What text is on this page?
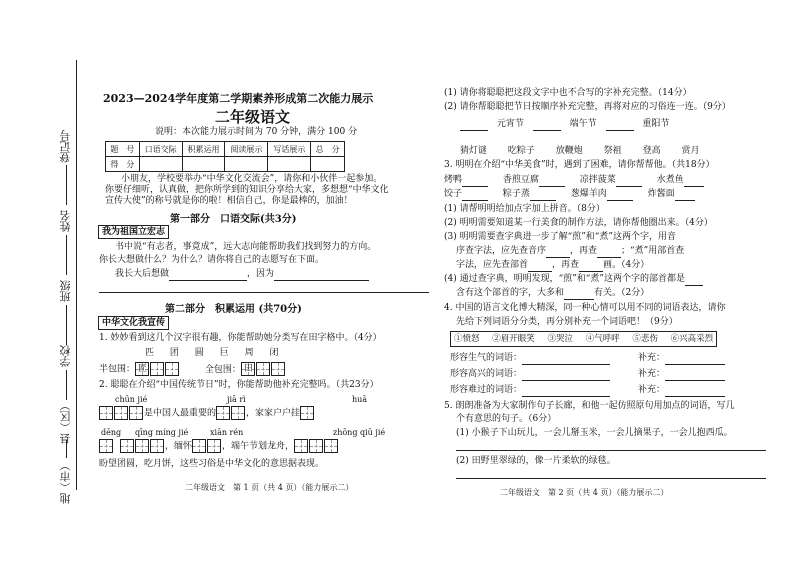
登记号
姓名
班级
学校
县（区）
地（市）
2023—2024学年度第二学期素养形成第二次能力展示
二年级语文
说明：本次能力展示时间为 70 分钟，满分 100 分
题　号	口语交际	积累运用	阅读展示	写话展示	总　分
得　分					
小朋友，学校要举办“中华文化交流会”，请你和小伙伴一起参加。
你要仔细听，认真做，把你所学到的知识分享给大家，多想想“中华文化
宣传大使”的称号就是你的啦！相信自己，你是最棒的，加油！
第一部分　口语交际(共3分)
我为祖国立宏志
书中说“有志者，事竟成”，远大志向能帮助我们找到努力的方向。
你长大想做什么？为什么？请你将自己的志愿写在下面。
我长大后想做	，因为
第二部分　积累运用 (共70分)
中华文化我宣传
1. 妙妙看到这几个汉字很有趣，你能帮助她分类写在田字格中。（4分）
匹 团 圆 巨 周 闭
半包围： 匠	全包围： 田
2. 聪聪在介绍“中国传统节日”时，你能帮助他补充完整吗。（共23分）
chūn jié	jiā rì	huā
是中国人最重要的	，家家户户挂
dēng qīng míng jié	xiān rén	zhōng qiū jié
，缅怀	，端午节划龙舟，
盼望团圆，吃月饼，这些习俗是中华文化的意思据表现。
二年级语文　第 1 页（共 4 页）（能力展示二）
(1) 请你将聪聪把这段文字中也不合写的字补充完整。（14分）
(2) 请你帮聪聪把节日按顺序补充完整，再将对应的习俗连一连。（9分）
元宵节	端午节	重阳节
猜灯谜 吃粽子 放鞭炮 祭祖 登高 赏月
3. 明明在介绍“中华美食”时，遇到了困难，请你帮帮他。（共18分）
烤鸭	香煎豆腐	凉拌菠菜	水煮鱼
饺子	粽子蒸	葱爆羊肉	炸酱面
(1) 请帮明明给加点字加上拼音。（8分）
(2) 明明需要知道某一行美食的制作方法，请你帮他圈出来。（4分）
(3) 明明需要查字典进一步了解“煎”和“煮”这两个字，用音
序查字法，应先查音序	，再查	；“煮”用部首查
字法，应先查部首	，再查	画。（4分）
(4) 通过查字典，明明发现，“煎”和“煮”这两个字的部首都是
含有这个部首的字，大多和	有关。（2分）
4. 中国的语言文化博大精深，同一种心情可以用不同的词语表达，请你
先给下列词语分分类，再分别补充一个词语吧！（9分）
①愤怒 ②眉开眼笑 ③哭泣 ④气呼呼 ⑤悲伤 ⑥兴高采烈
形容生气的词语：	补充：
形容高兴的词语：	补充：
形容难过的词语：	补充：
5. 朗朗准备为大家制作句子长廊，和他一起仿照原句用加点的词语，写几
个有意思的句子。（6分）
(1) 小猴子下山玩儿，一会儿掰玉米，一会儿摘果子，一会儿抱西瓜。
(2) 田野里翠绿的，像一片柔软的绿毯。
二年级语文　第 2 页（共 4 页）（能力展示二）
